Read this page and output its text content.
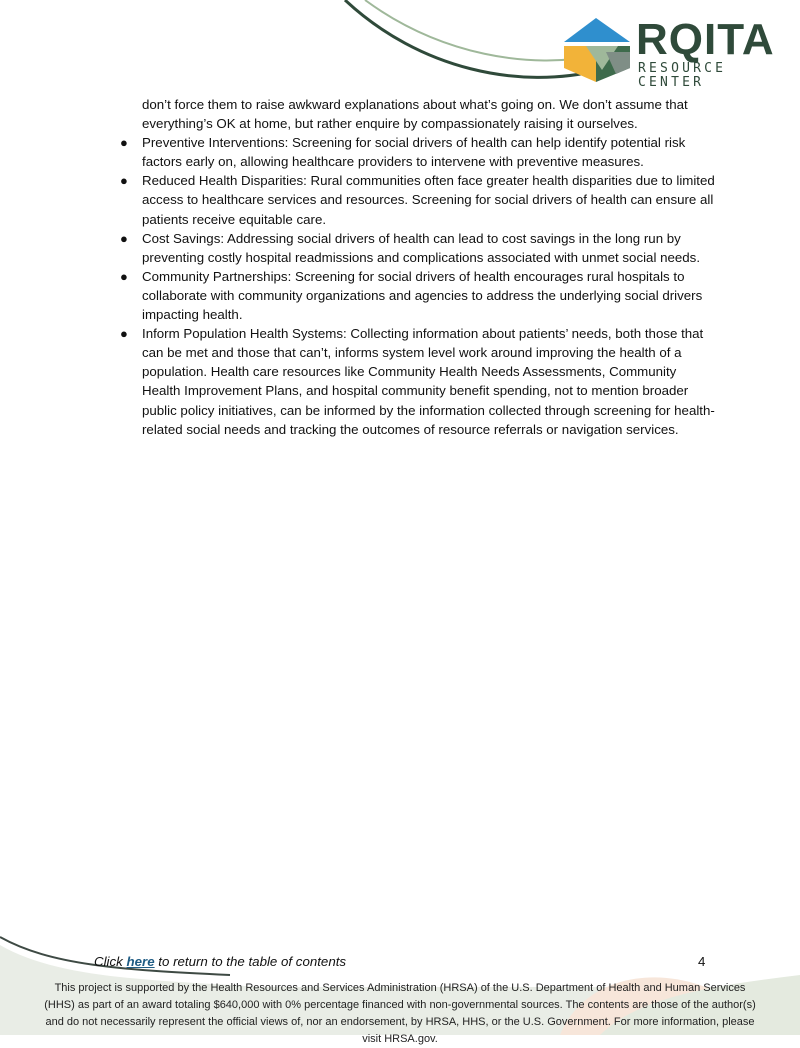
RQITA
RESOURCE CENTER

don’t force them to raise awkward explanations about what’s going on. We don’t assume that everything’s OK at home, but rather enquire by compassionately raising it ourselves.

● Preventive Interventions: Screening for social drivers of health can help identify potential risk factors early on, allowing healthcare providers to intervene with preventive measures.
● Reduced Health Disparities: Rural communities often face greater health disparities due to limited access to healthcare services and resources. Screening for social drivers of health can ensure all patients receive equitable care.
● Cost Savings: Addressing social drivers of health can lead to cost savings in the long run by preventing costly hospital readmissions and complications associated with unmet social needs.
● Community Partnerships: Screening for social drivers of health encourages rural hospitals to collaborate with community organizations and agencies to address the underlying social drivers impacting health.
● Inform Population Health Systems: Collecting information about patients’ needs, both those that can be met and those that can’t, informs system level work around improving the health of a population. Health care resources like Community Health Needs Assessments, Community Health Improvement Plans, and hospital community benefit spending, not to mention broader public policy initiatives, can be informed by the information collected through screening for health-related social needs and tracking the outcomes of resource referrals or navigation services.
Click here to return to the table of contents	4
This project is supported by the Health Resources and Services Administration (HRSA) of the U.S. Department of Health and Human Services (HHS) as part of an award totaling $640,000 with 0% percentage financed with non-governmental sources. The contents are those of the author(s) and do not necessarily represent the official views of, nor an endorsement, by HRSA, HHS, or the U.S. Government. For more information, please visit HRSA.gov.
